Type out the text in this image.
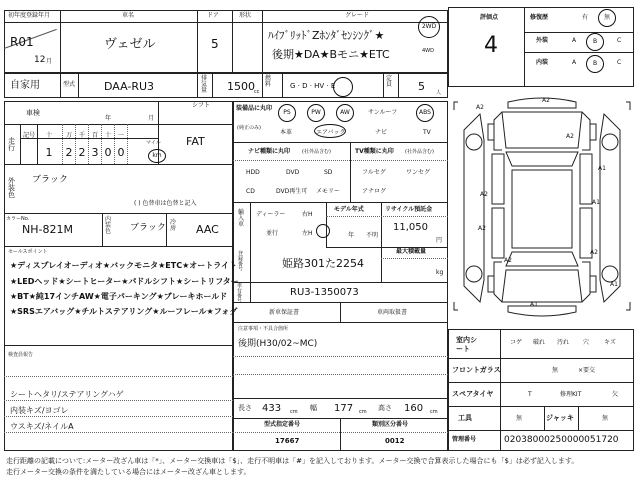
初年度登録年月	車名	ドア	形状	グレード
R01
12 月
ヴェゼル	5
ﾊｲﾌﾞﾘｯﾄﾞZﾎﾝﾀﾞｾﾝｼﾝｸﾞ★
後期★DA★Bモニ★ETC
2WD
4WD
自家用	型式	DAA-RU3
排気量 1500 cc
燃料	G · D · HV · E
定員 5 人
車検
年	月
シフト
FAT
走行
記号	十	万	千	百	十	一
1 2 2 3 0 0
マイル
km
外装色
ブラック
( ) 色替車は色替と記入
カラーNo.
NH-821M
内装色 ブラック
冷房 AAC
セールスポイント
★ディスプレイオーディオ★バックモニタ★ETC★オートライト
★LEDヘッド★シートヒーター★パドルシフト★シートリフター
★BT★純17インチAW★電子パーキング★ブレーキホールド
★SRSエアバッグ★チルトステアリング★ルーフレール★フォグ
検査員報告
シートヘタリ/ステアリングハゲ
内装キズ/ヨゴレ
ウスキズ/ネイルA
装備品に丸印
(純正のみ)
PS	PW	AW	サンルーフ	ABS
本革	エアバック	ナビ	TV
ナビ種類に丸印 (社外品含む)
HDD	DVD	SD
CD	DVD再生可 メモリー
TV種類に丸印 (社外品含む)
フルセグ	ワンセグ
アナログ
輸入車
ディーラー	右H
並行	左H
モデル年式
年 不明
リサイクル預託金
11,050
円
最大積載量
kg
登録番号	姫路301た2254
車台番号
RU3-1350073
新車保証書	車両取扱書
注意事項・不具合箇所
後期(H30/02~MC)
長さ 433 cm 幅 177 cm 高さ 160 cm
型式指定番号
17667
類別区分番号
0012
評価点
4
修復歴	有	無
外装	A	B	C
内装	A	B	C
A2
A2
A2
A1
A2
A2
A1
A2
A2
A1
A1
室内シート
コゲ 破れ 汚れ 穴 キズ
フロントガラス	無	×要交
スペアタイヤ	T	修理KIT	欠
工具	無	ジャッキ	無
管理番号	02038000250000051720
走行距離の記載について:メーター改ざん車は「*」、メーター交換車は「$」、走行不明車は「#」を記入しております。メーター交換で合算表示した場合にも「$」は必ず記入します。
走行メーター交換の条件を満たしている場合にはメーター改ざん車とします。
